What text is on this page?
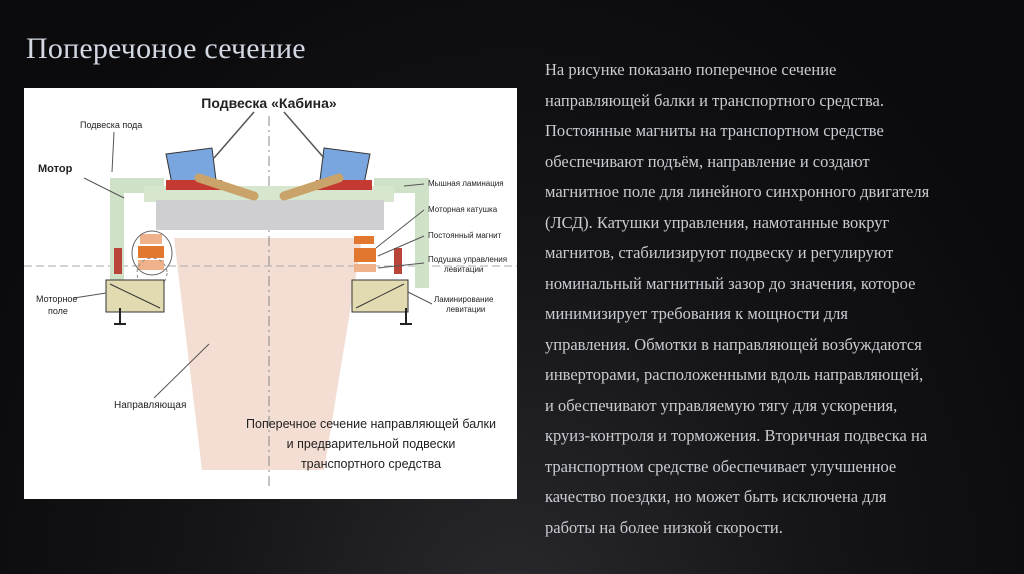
Поперечоное сечение
Подвеска «Кабина»
Подвеска пода
Мотор
Моторное
поле
Направляющая
Мышная ламинация
Моторная катушка
Постоянный магнит
Подушка управления
левитации
Ламинирование
левитации
Поперечное сечение направляющей балки
и предварительной подвески
транспортного средства
На рисунке показано поперечное сечение
направляющей балки и транспортного средства.
Постоянные магниты на транспортном средстве
обеспечивают подъём, направление и создают
магнитное поле для линейного синхронного двигателя
(ЛСД). Катушки управления, намотанные вокруг
магнитов, стабилизируют подвеску и регулируют
номинальный магнитный зазор до значения, которое
минимизирует требования к мощности для
управления. Обмотки в направляющей возбуждаются
инверторами, расположенными вдоль направляющей,
и обеспечивают управляемую тягу для ускорения,
круиз-контроля и торможения. Вторичная подвеска на
транспортном средстве обеспечивает улучшенное
качество поездки, но может быть исключена для
работы на более низкой скорости.
